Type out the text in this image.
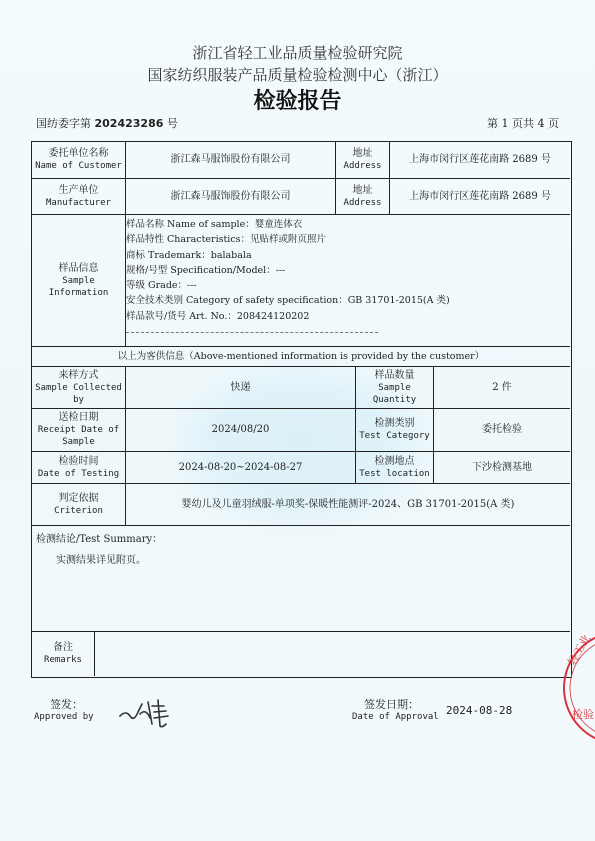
浙江省轻工业品质量检验研究院
国家纺织服装产品质量检验检测中心（浙江）
检验报告
国纺委字第 202423286 号	第 1 页共 4 页
委托单位名称
Name of Customer
浙江森马服饰股份有限公司
地址
Address
上海市闵行区莲花南路 2689 号
生产单位
Manufacturer
浙江森马服饰股份有限公司
地址
Address
上海市闵行区莲花南路 2689 号
样品信息
Sample
Information
样品名称 Name of sample：婴童连体衣
样品特性 Characteristics：见贴样或附页照片
商标 Trademark：balabala
规格/号型 Specification/Model：---
等级 Grade：---
安全技术类别 Category of safety specification：GB 31701-2015(A 类)
样品款号/货号 Art. No.：208424120202
以上为客供信息（Above-mentioned information is provided by the customer）
来样方式
Sample Collected
by
快递
样品数量
Sample Quantity
2 件
送检日期
Receipt Date of
Sample
2024/08/20
检测类别
Test Category
委托检验
检验时间
Date of Testing
2024-08-20~2024-08-27
检测地点
Test location
下沙检测基地
判定依据
Criterion
婴幼儿及儿童羽绒服-单项奖-保暖性能测评-2024、GB 31701-2015(A 类)
检测结论/Test Summary：
实测结果详见附页。
备注
Remarks
签发：
Approved by
签发日期：
Date of Approval 2024-08-28
轻工业
检验
